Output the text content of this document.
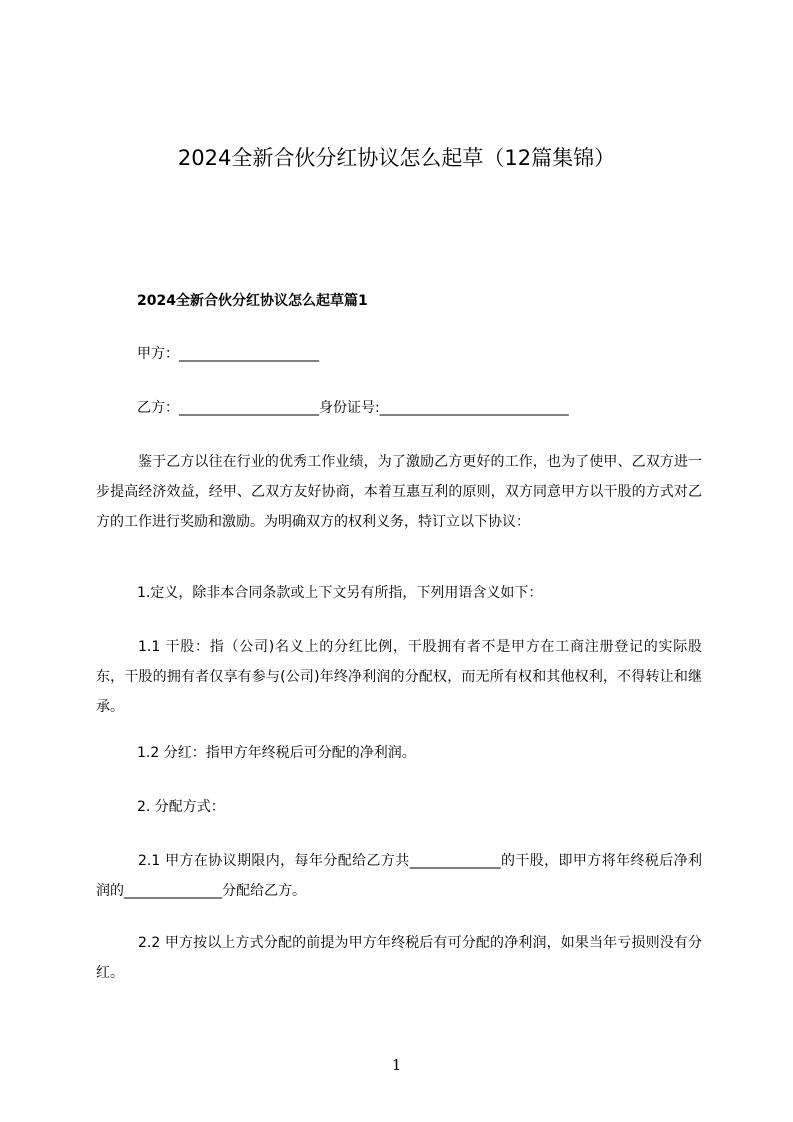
2024全新合伙分红协议怎么起草（12篇集锦）
2024全新合伙分红协议怎么起草篇1
甲方：____________________
乙方：____________________身份证号:___________________________
鉴于乙方以往在行业的优秀工作业绩，为了激励乙方更好的工作，也为了使甲、乙双方进一步提高经济效益，经甲、乙双方友好协商，本着互惠互利的原则，双方同意甲方以干股的方式对乙方的工作进行奖励和激励。为明确双方的权利义务，特订立以下协议：
1.定义，除非本合同条款或上下文另有所指，下列用语含义如下：
1.1 干股：指（公司)名义上的分红比例，干股拥有者不是甲方在工商注册登记的实际股东，干股的拥有者仅享有参与(公司)年终净利润的分配权，而无所有权和其他权利，不得转让和继承。
1.2 分红：指甲方年终税后可分配的净利润。
2. 分配方式：
2.1 甲方在协议期限内，每年分配给乙方共_____________的干股，即甲方将年终税后净利润的______________分配给乙方。
2.2 甲方按以上方式分配的前提为甲方年终税后有可分配的净利润，如果当年亏损则没有分红。
1
